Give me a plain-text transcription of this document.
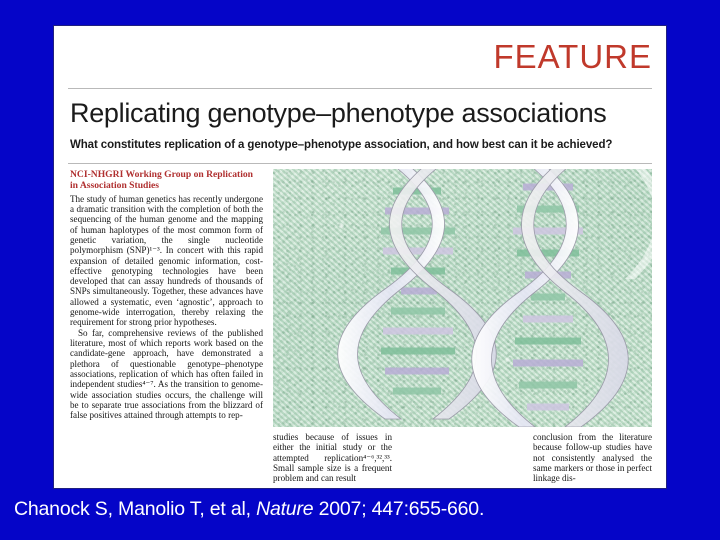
FEATURE
Replicating genotype–phenotype associations
What constitutes replication of a genotype–phenotype association, and how best can it be achieved?
NCI-NHGRI Working Group on Replication in Association Studies

The study of human genetics has recently undergone a dramatic transition with the completion of both the sequencing of the human genome and the mapping of human haplotypes of the most common form of genetic variation, the single nucleotide polymorphism (SNP)¹⁻³. In concert with this rapid expansion of detailed genomic information, cost-effective genotyping technologies have been developed that can assay hundreds of thousands of SNPs simultaneously. Together, these advances have allowed a systematic, even ‘agnostic’, approach to genome-wide interrogation, thereby relaxing the requirement for strong prior hypotheses.

So far, comprehensive reviews of the published literature, most of which reports work based on the candidate-gene approach, have demonstrated a plethora of questionable genotype–phenotype associations, replication of which has often failed in independent studies⁴⁻⁷. As the transition to genome-wide association studies occurs, the challenge will be to separate true associations from the blizzard of false positives attained through attempts to rep-

studies because of issues in either the initial study or the attempted replication⁴⁻⁶,³²,³³. Small sample size is a frequent problem and can result

conclusion from the literature because follow-up studies have not consistently analysed the same markers or those in perfect linkage dis-

Chanock S, Manolio T, et al, Nature 2007; 447:655-660.
